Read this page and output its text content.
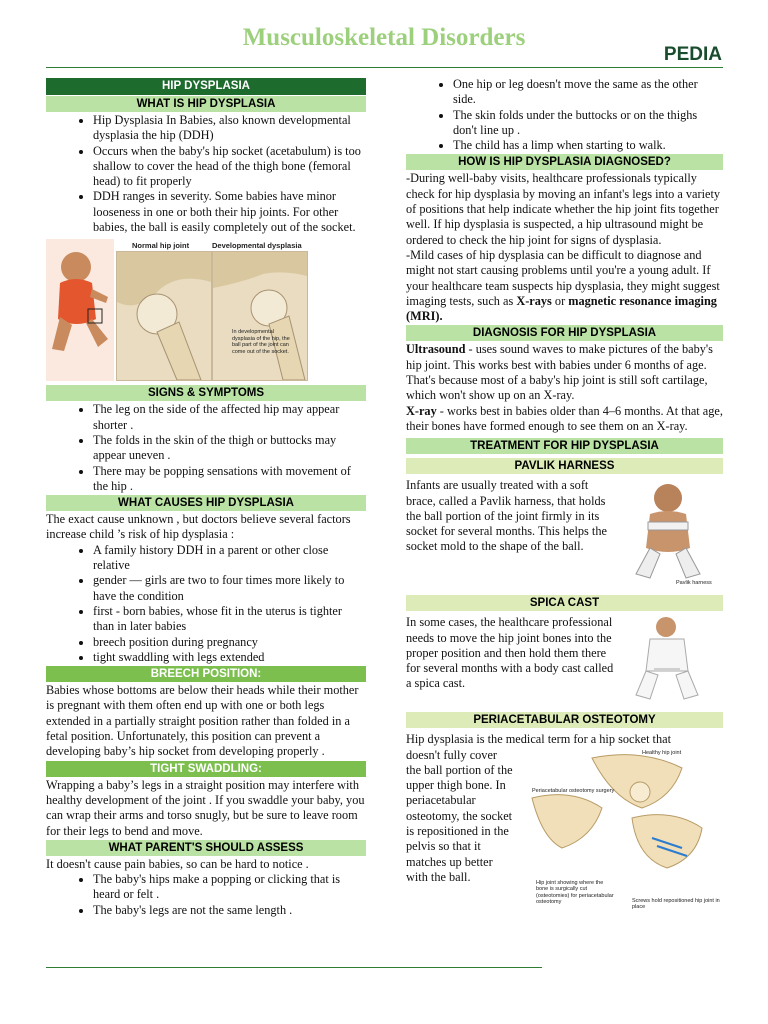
Musculoskeletal Disorders
PEDIA
HIP DYSPLASIA
WHAT IS HIP DYSPLASIA
• Hip Dysplasia In Babies, also known developmental dysplasia the hip (DDH)
• Occurs when the baby's hip socket (acetabulum) is too shallow to cover the head of the thigh bone (femoral head) to fit properly
• DDH ranges in severity. Some babies have minor looseness in one or both their hip joints. For other babies, the ball is easily completely out of the socket.
Normal hip joint	Developmental dysplasia
In developmental dysplasia of the hip, the ball part of the joint can come out of the socket.
SIGNS & SYMPTOMS
• The leg on the side of the affected hip may appear shorter .
• The folds in the skin of the thigh or buttocks may appear uneven .
• There may be popping sensations with movement of the hip .
WHAT CAUSES HIP DYSPLASIA

The exact cause unknown , but doctors believe several factors increase child ’s risk of hip dysplasia :

• A family history DDH in a parent or other close relative
• gender — girls are two to four times more likely to have the condition
• first - born babies, whose fit in the uterus is tighter than in later babies
• breech position during pregnancy
• tight swaddling with legs extended
BREECH POSITION:

Babies whose bottoms are below their heads while their mother is pregnant with them often end up with one or both legs extended in a partially straight position rather than folded in a fetal position. Unfortunately, this position can prevent a developing baby’s hip socket from developing properly .

TIGHT SWADDLING:

Wrapping a baby’s legs in a straight position may interfere with healthy development of the joint . If you swaddle your baby, you can wrap their arms and torso snugly, but be sure to leave room for their legs to bend and move.

WHAT PARENT'S SHOULD ASSESS

It doesn't cause pain babies, so can be hard to notice .

• The baby's hips make a popping or clicking that is heard or felt .
• The baby's legs are not the same length .
• One hip or leg doesn't move the same as the other side.
• The skin folds under the buttocks or on the thighs don't line up .
• The child has a limp when starting to walk.
HOW IS HIP DYSPLASIA DIAGNOSED?

-During well-baby visits, healthcare professionals typically check for hip dysplasia by moving an infant's legs into a variety of positions that help indicate whether the hip joint fits together well. If hip dysplasia is suspected, a hip ultrasound might be ordered to check the hip joint for signs of dysplasia.

-Mild cases of hip dysplasia can be difficult to diagnose and might not start causing problems until you're a young adult. If your healthcare team suspects hip dysplasia, they might suggest imaging tests, such as X-rays or magnetic resonance imaging (MRI).

DIAGNOSIS FOR HIP DYSPLASIA

Ultrasound - uses sound waves to make pictures of the baby's hip joint. This works best with babies under 6 months of age. That's because most of a baby's hip joint is still soft cartilage, which won't show up on an X-ray.

X-ray - works best in babies older than 4–6 months. At that age, their bones have formed enough to see them on an X-ray.

TREATMENT FOR HIP DYSPLASIA
PAVLIK HARNESS

Infants are usually treated with a soft brace, called a Pavlik harness, that holds the ball portion of the joint firmly in its socket for several months. This helps the socket mold to the shape of the ball.

Pavlik harness
SPICA CAST

In some cases, the healthcare professional needs to move the hip joint bones into the proper position and then hold them there for several months with a body cast called a spica cast.

PERIACETABULAR OSTEOTOMY

Hip dysplasia is the medical term for a hip socket that

doesn't fully cover the ball portion of the upper thigh bone. In periacetabular osteotomy, the socket is repositioned in the pelvis so that it matches up better with the ball.

Healthy hip joint
Periacetabular osteotomy surgery
Hip joint showing where the bone is surgically cut (osteotomies) for periacetabular osteotomy	Screws hold repositioned hip joint in place
